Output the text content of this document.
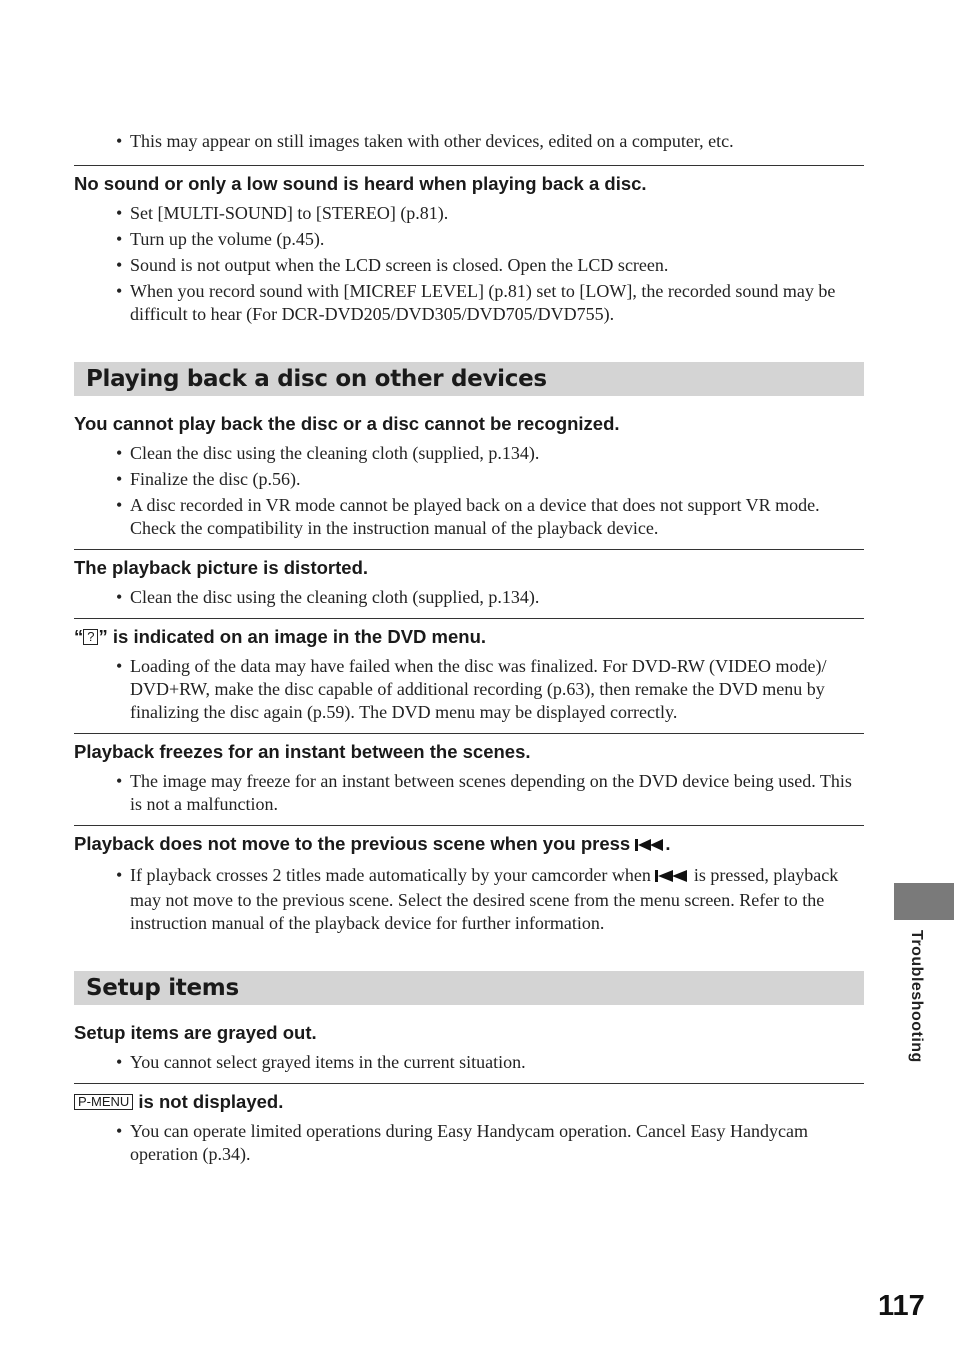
• This may appear on still images taken with other devices, edited on a computer, etc.
No sound or only a low sound is heard when playing back a disc.
• Set [MULTI-SOUND] to [STEREO] (p.81).
• Turn up the volume (p.45).
• Sound is not output when the LCD screen is closed. Open the LCD screen.
• When you record sound with [MICREF LEVEL] (p.81) set to [LOW], the recorded sound may be difficult to hear (For DCR-DVD205/DVD305/DVD705/DVD755).
Playing back a disc on other devices
You cannot play back the disc or a disc cannot be recognized.
• Clean the disc using the cleaning cloth (supplied, p.134).
• Finalize the disc (p.56).
• A disc recorded in VR mode cannot be played back on a device that does not support VR mode. Check the compatibility in the instruction manual of the playback device.
The playback picture is distorted.
• Clean the disc using the cleaning cloth (supplied, p.134).
“ ? ” is indicated on an image in the DVD menu.
• Loading of the data may have failed when the disc was finalized. For DVD-RW (VIDEO mode)/ DVD+RW, make the disc capable of additional recording (p.63), then remake the DVD menu by finalizing the disc again (p.59). The DVD menu may be displayed correctly.
Playback freezes for an instant between the scenes.
• The image may freeze for an instant between scenes depending on the DVD device being used. This is not a malfunction.
Playback does not move to the previous scene when you press .
• If playback crosses 2 titles made automatically by your camcorder when is pressed, playback may not move to the previous scene. Select the desired scene from the menu screen. Refer to the instruction manual of the playback device for further information.
Setup items
Setup items are grayed out.
• You cannot select grayed items in the current situation.
P-MENU is not displayed.
• You can operate limited operations during Easy Handycam operation. Cancel Easy Handycam operation (p.34).
Troubleshooting
117
